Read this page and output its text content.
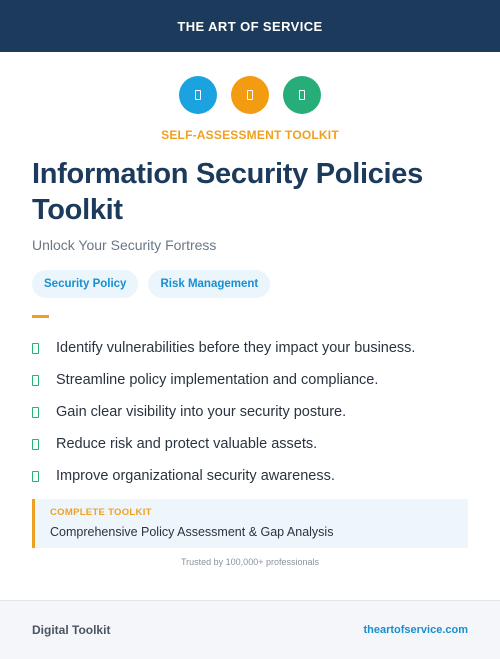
THE ART OF SERVICE
SELF-ASSESSMENT TOOLKIT
Information Security Policies Toolkit
Unlock Your Security Fortress
Security Policy	Risk Management
Identify vulnerabilities before they impact your business.
Streamline policy implementation and compliance.
Gain clear visibility into your security posture.
Reduce risk and protect valuable assets.
Improve organizational security awareness.
COMPLETE TOOLKIT
Comprehensive Policy Assessment & Gap Analysis
Trusted by 100,000+ professionals
Digital Toolkit	theartofservice.com
